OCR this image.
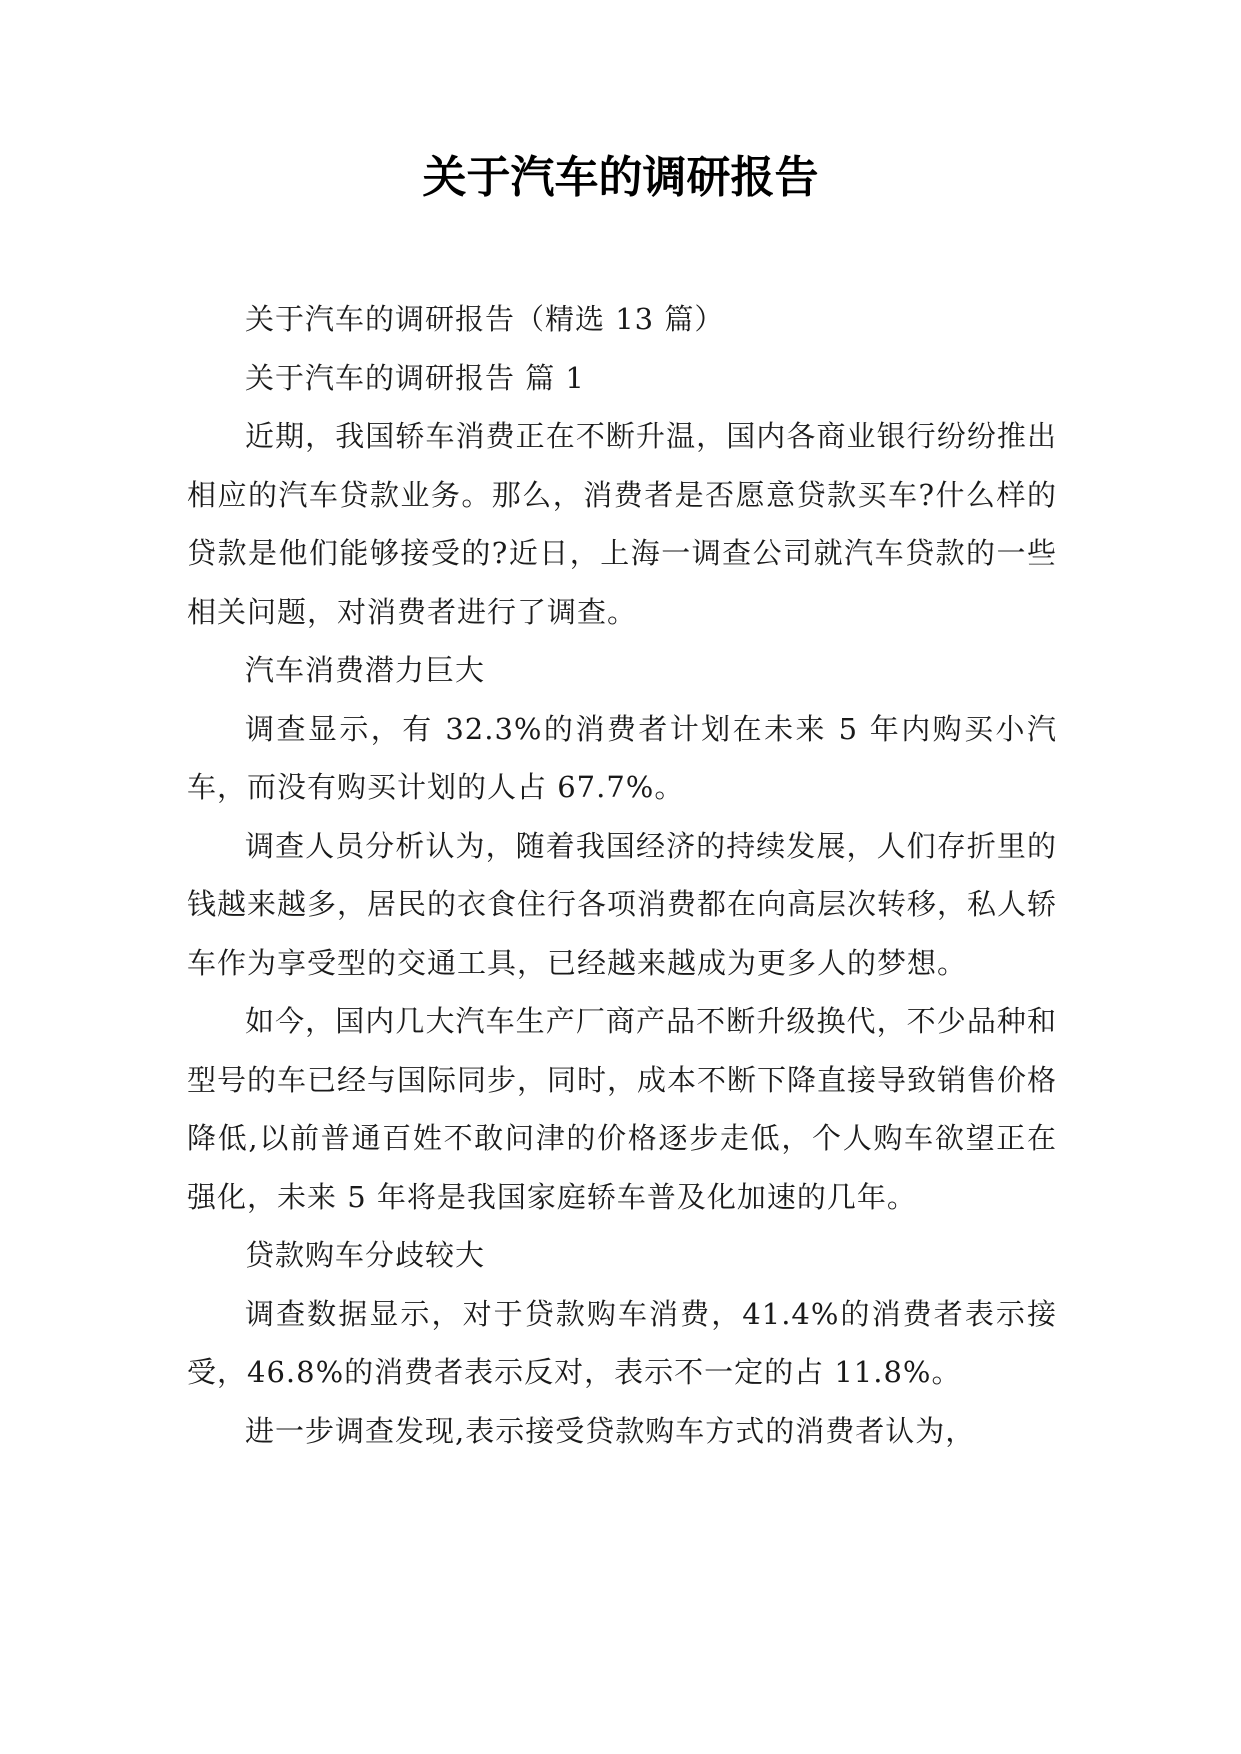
关于汽车的调研报告

关于汽车的调研报告（精选 13 篇）

关于汽车的调研报告 篇 1

近期，我国轿车消费正在不断升温，国内各商业银行纷纷推出相应的汽车贷款业务。那么，消费者是否愿意贷款买车?什么样的贷款是他们能够接受的?近日，上海一调查公司就汽车贷款的一些相关问题，对消费者进行了调查。

汽车消费潜力巨大

调查显示，有 32.3%的消费者计划在未来 5 年内购买小汽车，而没有购买计划的人占 67.7%。

调查人员分析认为，随着我国经济的持续发展，人们存折里的钱越来越多，居民的衣食住行各项消费都在向高层次转移，私人轿车作为享受型的交通工具，已经越来越成为更多人的梦想。

如今，国内几大汽车生产厂商产品不断升级换代，不少品种和型号的车已经与国际同步，同时，成本不断下降直接导致销售价格降低,以前普通百姓不敢问津的价格逐步走低，个人购车欲望正在强化，未来 5 年将是我国家庭轿车普及化加速的几年。

贷款购车分歧较大

调查数据显示，对于贷款购车消费，41.4%的消费者表示接受，46.8%的消费者表示反对，表示不一定的占 11.8%。

进一步调查发现,表示接受贷款购车方式的消费者认为，
